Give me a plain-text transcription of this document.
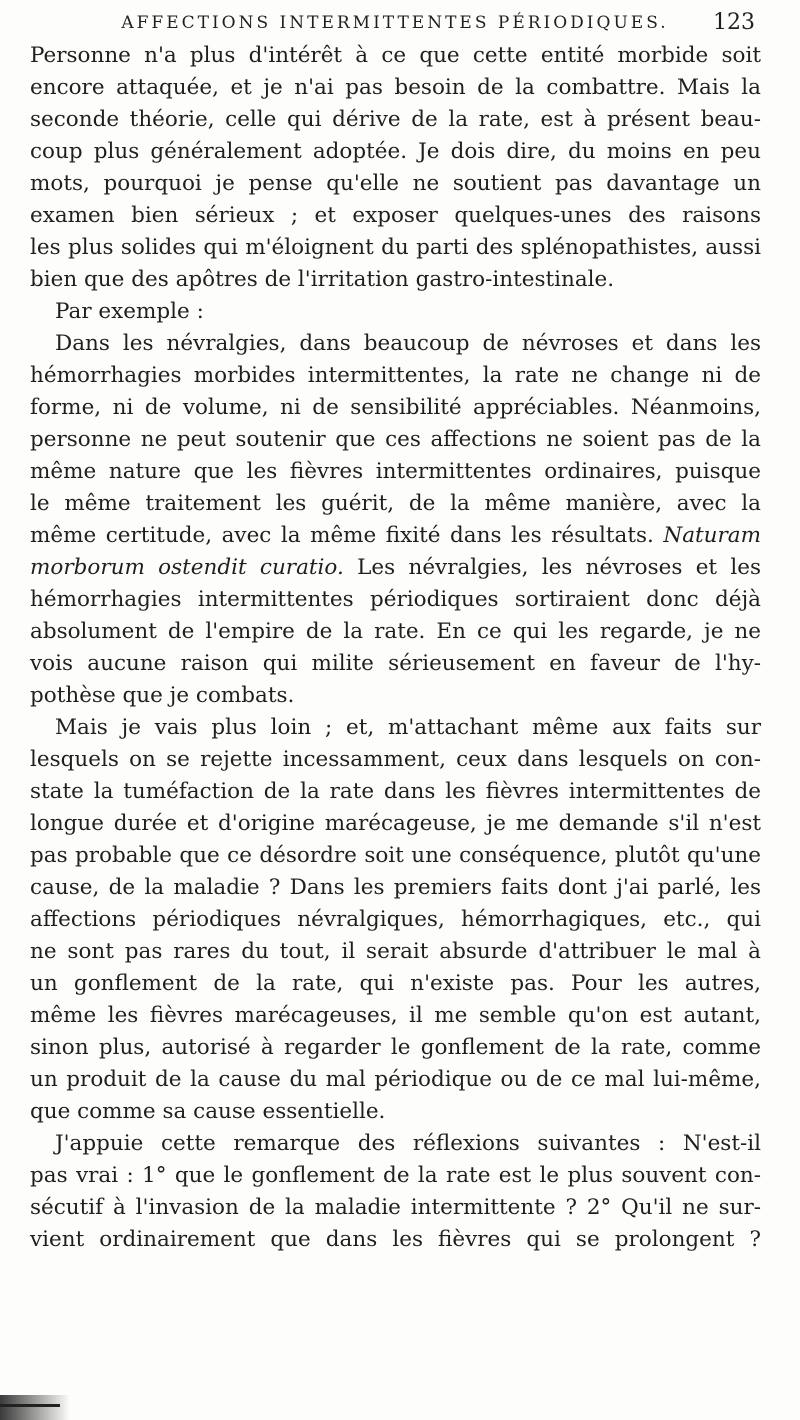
AFFECTIONS INTERMITTENTES PÉRIODIQUES. 123
Personne n'a plus d'intérêt à ce que cette entité morbide soit
encore attaquée, et je n'ai pas besoin de la combattre. Mais la
seconde théorie, celle qui dérive de la rate, est à présent beau-
coup plus généralement adoptée. Je dois dire, du moins en peu
mots, pourquoi je pense qu'elle ne soutient pas davantage un
examen bien sérieux ; et exposer quelques-unes des raisons
les plus solides qui m'éloignent du parti des splénopathistes, aussi
bien que des apôtres de l'irritation gastro-intestinale.
Par exemple :
Dans les névralgies, dans beaucoup de névroses et dans les
hémorrhagies morbides intermittentes, la rate ne change ni de
forme, ni de volume, ni de sensibilité appréciables. Néanmoins,
personne ne peut soutenir que ces affections ne soient pas de la
même nature que les fièvres intermittentes ordinaires, puisque
le même traitement les guérit, de la même manière, avec la
même certitude, avec la même fixité dans les résultats. Naturam
morborum ostendit curatio. Les névralgies, les névroses et les
hémorrhagies intermittentes périodiques sortiraient donc déjà
absolument de l'empire de la rate. En ce qui les regarde, je ne
vois aucune raison qui milite sérieusement en faveur de l'hy-
pothèse que je combats.
Mais je vais plus loin ; et, m'attachant même aux faits sur
lesquels on se rejette incessamment, ceux dans lesquels on con-
state la tuméfaction de la rate dans les fièvres intermittentes de
longue durée et d'origine marécageuse, je me demande s'il n'est
pas probable que ce désordre soit une conséquence, plutôt qu'une
cause, de la maladie ? Dans les premiers faits dont j'ai parlé, les
affections périodiques névralgiques, hémorrhagiques, etc., qui
ne sont pas rares du tout, il serait absurde d'attribuer le mal à
un gonflement de la rate, qui n'existe pas. Pour les autres,
même les fièvres marécageuses, il me semble qu'on est autant,
sinon plus, autorisé à regarder le gonflement de la rate, comme
un produit de la cause du mal périodique ou de ce mal lui-même,
que comme sa cause essentielle.
J'appuie cette remarque des réflexions suivantes : N'est-il
pas vrai : 1° que le gonflement de la rate est le plus souvent con-
sécutif à l'invasion de la maladie intermittente ? 2° Qu'il ne sur-
vient ordinairement que dans les fièvres qui se prolongent ?
